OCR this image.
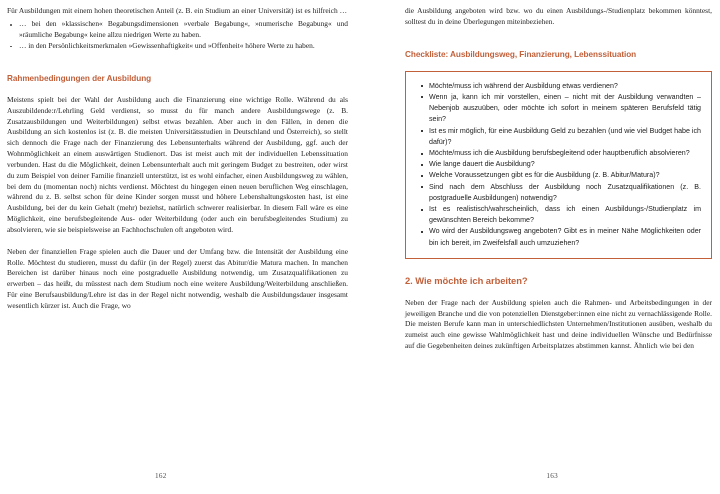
Für Ausbildungen mit einem hohen theoretischen Anteil (z. B. ein Studium an einer Universität) ist es hilfreich …

… bei den »klassischen« Begabungsdimensionen »verbale Begabung«, »numerische Begabung« und »räumliche Begabung« keine allzu niedrigen Werte zu haben.
… in den Persönlichkeitsmerkmalen »Gewissenhaftigkeit« und »Offenheit« höhere Werte zu haben.
Rahmenbedingungen der Ausbildung

Meistens spielt bei der Wahl der Ausbildung auch die Finanzierung eine wichtige Rolle. Während du als Auszubildende:r/Lehrling Geld verdienst, so musst du für manch andere Ausbildungswege (z. B. Zusatzausbildungen und Weiterbildungen) selbst etwas bezahlen. Aber auch in den Fällen, in denen die Ausbildung an sich kostenlos ist (z. B. die meisten Universitätsstudien in Deutschland und Österreich), so stellt sich dennoch die Frage nach der Finanzierung des Lebensunterhalts während der Ausbildung, ggf. auch der Wohnmöglichkeit an einem auswärtigen Studienort. Das ist meist auch mit der individuellen Lebenssituation verbunden. Hast du die Möglichkeit, deinen Lebensunterhalt auch mit geringem Budget zu bestreiten, oder wirst du zum Beispiel von deiner Familie finanziell unterstützt, ist es wohl einfacher, einen Ausbildungsweg zu wählen, bei dem du (momentan noch) nichts verdienst. Möchtest du hingegen einen neuen beruflichen Weg einschlagen, während du z. B. selbst schon für deine Kinder sorgen musst und höhere Lebenshaltungskosten hast, ist eine Ausbildung, bei der du kein Gehalt (mehr) beziehst, natürlich schwerer realisierbar. In diesem Fall wäre es eine Möglichkeit, eine berufsbegleitende Aus- oder Weiterbildung (oder auch ein berufsbegleitendes Studium) zu absolvieren, wie sie beispielsweise an Fachhochschulen oft angeboten wird.

Neben der finanziellen Frage spielen auch die Dauer und der Umfang bzw. die Intensität der Ausbildung eine Rolle. Möchtest du studieren, musst du dafür (in der Regel) zuerst das Abitur/die Matura machen. In manchen Bereichen ist darüber hinaus noch eine postgraduelle Ausbildung notwendig, um Zusatzqualifikationen zu erwerben – das heißt, du müsstest nach dem Studium noch eine weitere Ausbildung/Weiterbildung anschließen. Für eine Berufsausbildung/Lehre ist das in der Regel nicht notwendig, weshalb die Ausbildungsdauer insgesamt wesentlich kürzer ist. Auch die Frage, wo

162

die Ausbildung angeboten wird bzw. wo du einen Ausbildungs-/Studienplatz bekommen könntest, solltest du in deine Überlegungen miteinbeziehen.

Checkliste: Ausbildungsweg, Finanzierung, Lebenssituation
Möchte/muss ich während der Ausbildung etwas verdienen?
Wenn ja, kann ich mir vorstellen, einen – nicht mit der Ausbildung verwandten – Nebenjob auszuüben, oder möchte ich sofort in meinem späteren Berufsfeld tätig sein?
Ist es mir möglich, für eine Ausbildung Geld zu bezahlen (und wie viel Budget habe ich dafür)?
Möchte/muss ich die Ausbildung berufsbegleitend oder hauptberuflich absolvieren?
Wie lange dauert die Ausbildung?
Welche Voraussetzungen gibt es für die Ausbildung (z. B. Abitur/Matura)?
Sind nach dem Abschluss der Ausbildung noch Zusatzqualifikationen (z. B. postgraduelle Ausbildungen) notwendig?
Ist es realistisch/wahrscheinlich, dass ich einen Ausbildungs-/Studienplatz im gewünschten Bereich bekomme?
Wo wird der Ausbildungsweg angeboten? Gibt es in meiner Nähe Möglichkeiten oder bin ich bereit, im Zweifelsfall auch umzuziehen?
2. Wie möchte ich arbeiten?

Neben der Frage nach der Ausbildung spielen auch die Rahmen- und Arbeitsbedingungen in der jeweiligen Branche und die von potenziellen Dienstgeber:innen eine nicht zu vernachlässigende Rolle. Die meisten Berufe kann man in unterschiedlichsten Unternehmen/Institutionen ausüben, weshalb du zumeist auch eine gewisse Wahlmöglichkeit hast und deine individuellen Wünsche und Bedürfnisse auf die Gegebenheiten deines zukünftigen Arbeitsplatzes abstimmen kannst. Ähnlich wie bei den

163
